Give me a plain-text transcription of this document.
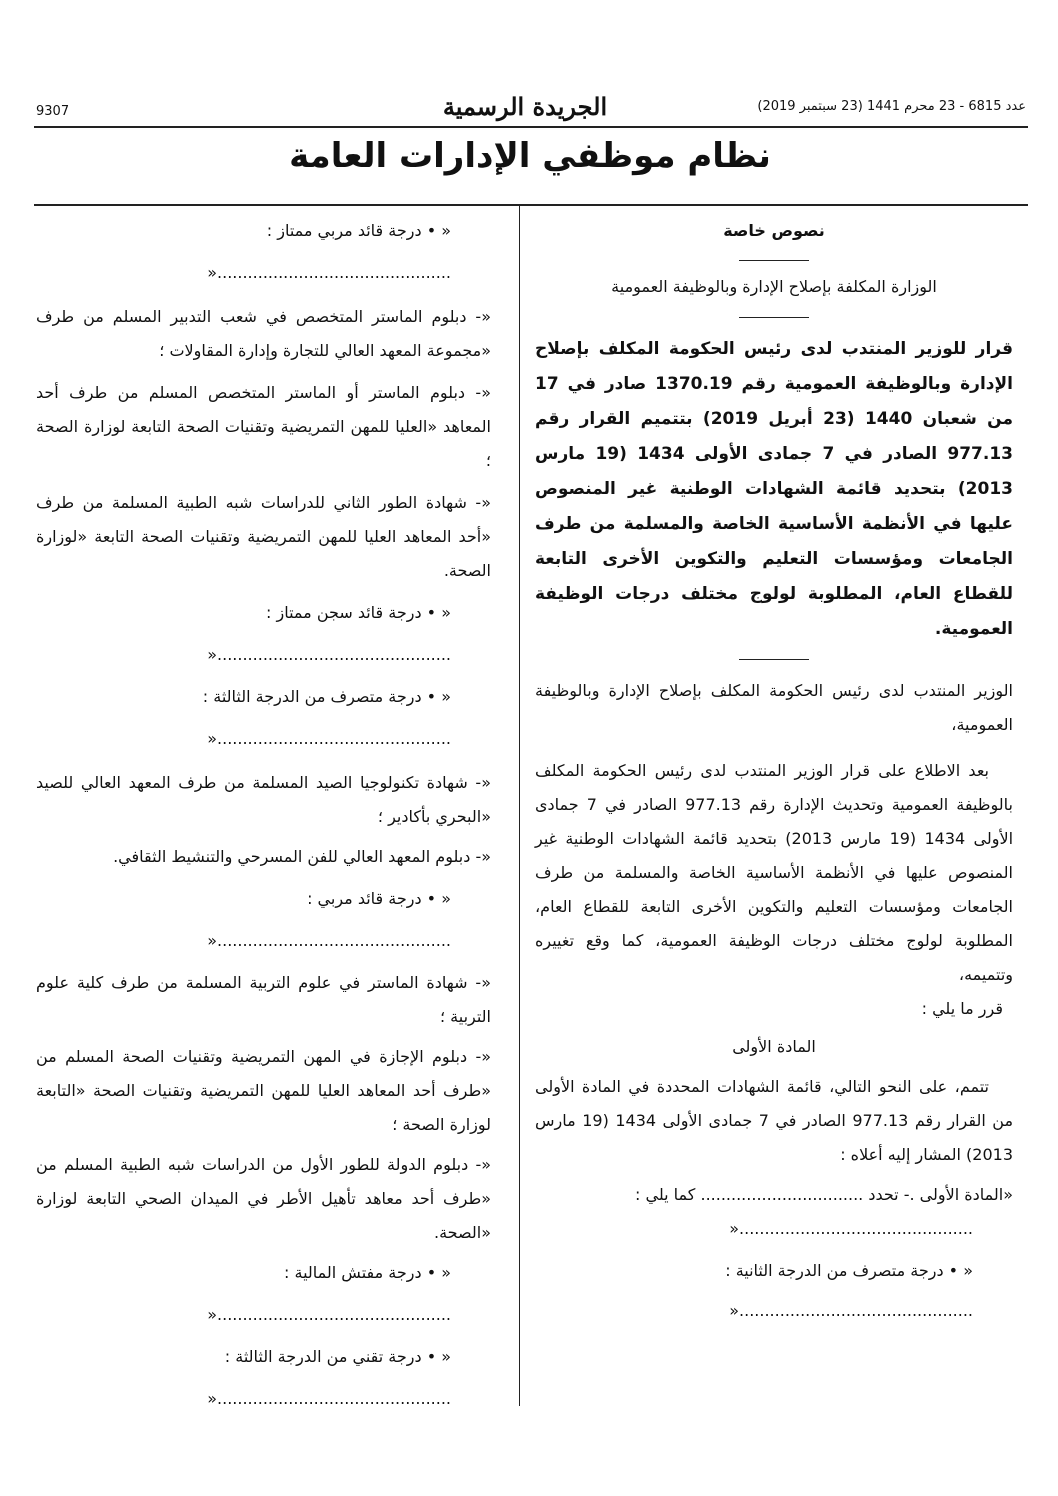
9307	الجريدة الرسمية	عدد 6815 - 23 محرم 1441 (23 سبتمبر 2019)
نظام موظفي الإدارات العامة

نصوص خاصة

الوزارة المكلفة بإصلاح الإدارة وبالوظيفة العمومية

قرار للوزير المنتدب لدى رئيس الحكومة المكلف بإصلاح الإدارة وبالوظيفة العمومية رقم 1370.19 صادر في 17 من شعبان 1440 (23 أبريل 2019) بتتميم القرار رقم 977.13 الصادر في 7 جمادى الأولى 1434 (19 مارس 2013) بتحديد قائمة الشهادات الوطنية غير المنصوص عليها في الأنظمة الأساسية الخاصة والمسلمة من طرف الجامعات ومؤسسات التعليم والتكوين الأخرى التابعة للقطاع العام، المطلوبة لولوج مختلف درجات الوظيفة العمومية.

الوزير المنتدب لدى رئيس الحكومة المكلف بإصلاح الإدارة وبالوظيفة العمومية،

بعد الاطلاع على قرار الوزير المنتدب لدى رئيس الحكومة المكلف بالوظيفة العمومية وتحديث الإدارة رقم 977.13 الصادر في 7 جمادى الأولى 1434 (19 مارس 2013) بتحديد قائمة الشهادات الوطنية غير المنصوص عليها في الأنظمة الأساسية الخاصة والمسلمة من طرف الجامعات ومؤسسات التعليم والتكوين الأخرى التابعة للقطاع العام، المطلوبة لولوج مختلف درجات الوظيفة العمومية، كما وقع تغييره وتتميمه،

قرر ما يلي :

المادة الأولى

تتمم، على النحو التالي، قائمة الشهادات المحددة في المادة الأولى من القرار رقم 977.13 الصادر في 7 جمادى الأولى 1434 (19 مارس 2013) المشار إليه أعلاه :

«المادة الأولى .- تحدد ................................ كما يلي :

..............................................«

« • درجة متصرف من الدرجة الثانية :

..............................................«

« • درجة قائد مربي ممتاز :

..............................................«

«- دبلوم الماستر المتخصص في شعب التدبير المسلم من طرف «مجموعة المعهد العالي للتجارة وإدارة المقاولات ؛

«- دبلوم الماستر أو الماستر المتخصص المسلم من طرف أحد المعاهد «العليا للمهن التمريضية وتقنيات الصحة التابعة لوزارة الصحة ؛

«- شهادة الطور الثاني للدراسات شبه الطبية المسلمة من طرف «أحد المعاهد العليا للمهن التمريضية وتقنيات الصحة التابعة «لوزارة الصحة.

« • درجة قائد سجن ممتاز :

..............................................«

« • درجة متصرف من الدرجة الثالثة :

..............................................«

«- شهادة تكنولوجيا الصيد المسلمة من طرف المعهد العالي للصيد «البحري بأكادير ؛

«- دبلوم المعهد العالي للفن المسرحي والتنشيط الثقافي.

« • درجة قائد مربي :

..............................................«

«- شهادة الماستر في علوم التربية المسلمة من طرف كلية علوم التربية ؛

«- دبلوم الإجازة في المهن التمريضية وتقنيات الصحة المسلم من «طرف أحد المعاهد العليا للمهن التمريضية وتقنيات الصحة «التابعة لوزارة الصحة ؛

«- دبلوم الدولة للطور الأول من الدراسات شبه الطبية المسلم من «طرف أحد معاهد تأهيل الأطر في الميدان الصحي التابعة لوزارة «الصحة.

« • درجة مفتش المالية :

..............................................«

« • درجة تقني من الدرجة الثالثة :

..............................................«
